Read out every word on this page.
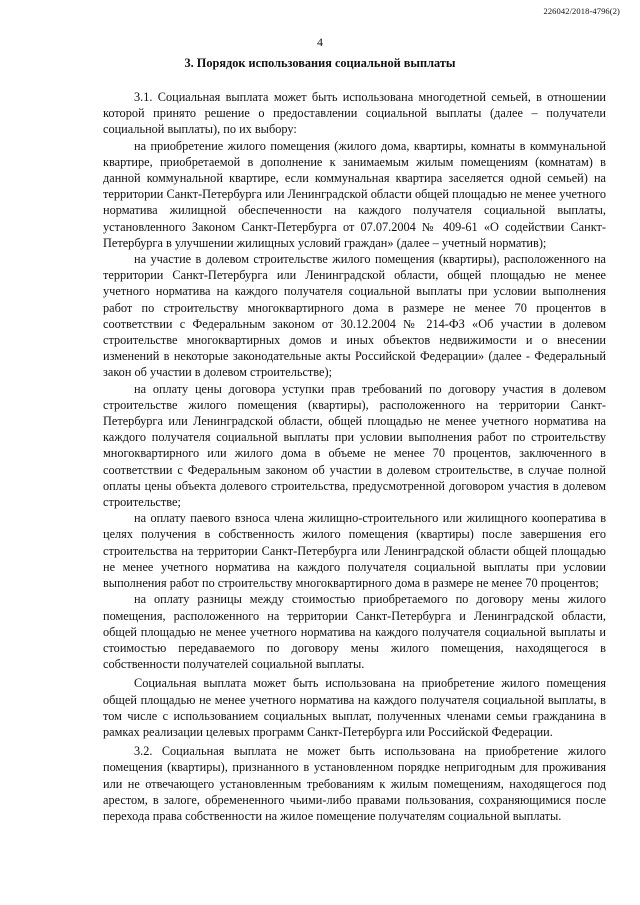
226042/2018-4796(2)
4
3. Порядок использования социальной выплаты

3.1. Социальная выплата может быть использована многодетной семьей, в отношении которой принято решение о предоставлении социальной выплаты (далее – получатели социальной выплаты), по их выбору:

на приобретение жилого помещения (жилого дома, квартиры, комнаты в коммунальной квартире, приобретаемой в дополнение к занимаемым жилым помещениям (комнатам) в данной коммунальной квартире, если коммунальная квартира заселяется одной семьей) на территории Санкт-Петербурга или Ленинградской области общей площадью не менее учетного норматива жилищной обеспеченности на каждого получателя социальной выплаты, установленного Законом Санкт-Петербурга от 07.07.2004 № 409-61 «О содействии Санкт-Петербурга в улучшении жилищных условий граждан» (далее – учетный норматив);

на участие в долевом строительстве жилого помещения (квартиры), расположенного на территории Санкт-Петербурга или Ленинградской области, общей площадью не менее учетного норматива на каждого получателя социальной выплаты при условии выполнения работ по строительству многоквартирного дома в размере не менее 70 процентов в соответствии с Федеральным законом от 30.12.2004 № 214-ФЗ «Об участии в долевом строительстве многоквартирных домов и иных объектов недвижимости и о внесении изменений в некоторые законодательные акты Российской Федерации» (далее - Федеральный закон об участии в долевом строительстве);

на оплату цены договора уступки прав требований по договору участия в долевом строительстве жилого помещения (квартиры), расположенного на территории Санкт-Петербурга или Ленинградской области, общей площадью не менее учетного норматива на каждого получателя социальной выплаты при условии выполнения работ по строительству многоквартирного или жилого дома в объеме не менее 70 процентов, заключенного в соответствии с Федеральным законом об участии в долевом строительстве, в случае полной оплаты цены объекта долевого строительства, предусмотренной договором участия в долевом строительстве;

на оплату паевого взноса члена жилищно-строительного или жилищного кооператива в целях получения в собственность жилого помещения (квартиры) после завершения его строительства на территории Санкт-Петербурга или Ленинградской области общей площадью не менее учетного норматива на каждого получателя социальной выплаты при условии выполнения работ по строительству многоквартирного дома в размере не менее 70 процентов;

на оплату разницы между стоимостью приобретаемого по договору мены жилого помещения, расположенного на территории Санкт-Петербурга и Ленинградской области, общей площадью не менее учетного норматива на каждого получателя социальной выплаты и стоимостью передаваемого по договору мены жилого помещения, находящегося в собственности получателей социальной выплаты.

Социальная выплата может быть использована на приобретение жилого помещения общей площадью не менее учетного норматива на каждого получателя социальной выплаты, в том числе с использованием социальных выплат, полученных членами семьи гражданина в рамках реализации целевых программ Санкт-Петербурга или Российской Федерации.

3.2. Социальная выплата не может быть использована на приобретение жилого помещения (квартиры), признанного в установленном порядке непригодным для проживания или не отвечающего установленным требованиям к жилым помещениям, находящегося под арестом, в залоге, обремененного чьими-либо правами пользования, сохраняющимися после перехода права собственности на жилое помещение получателям социальной выплаты.
